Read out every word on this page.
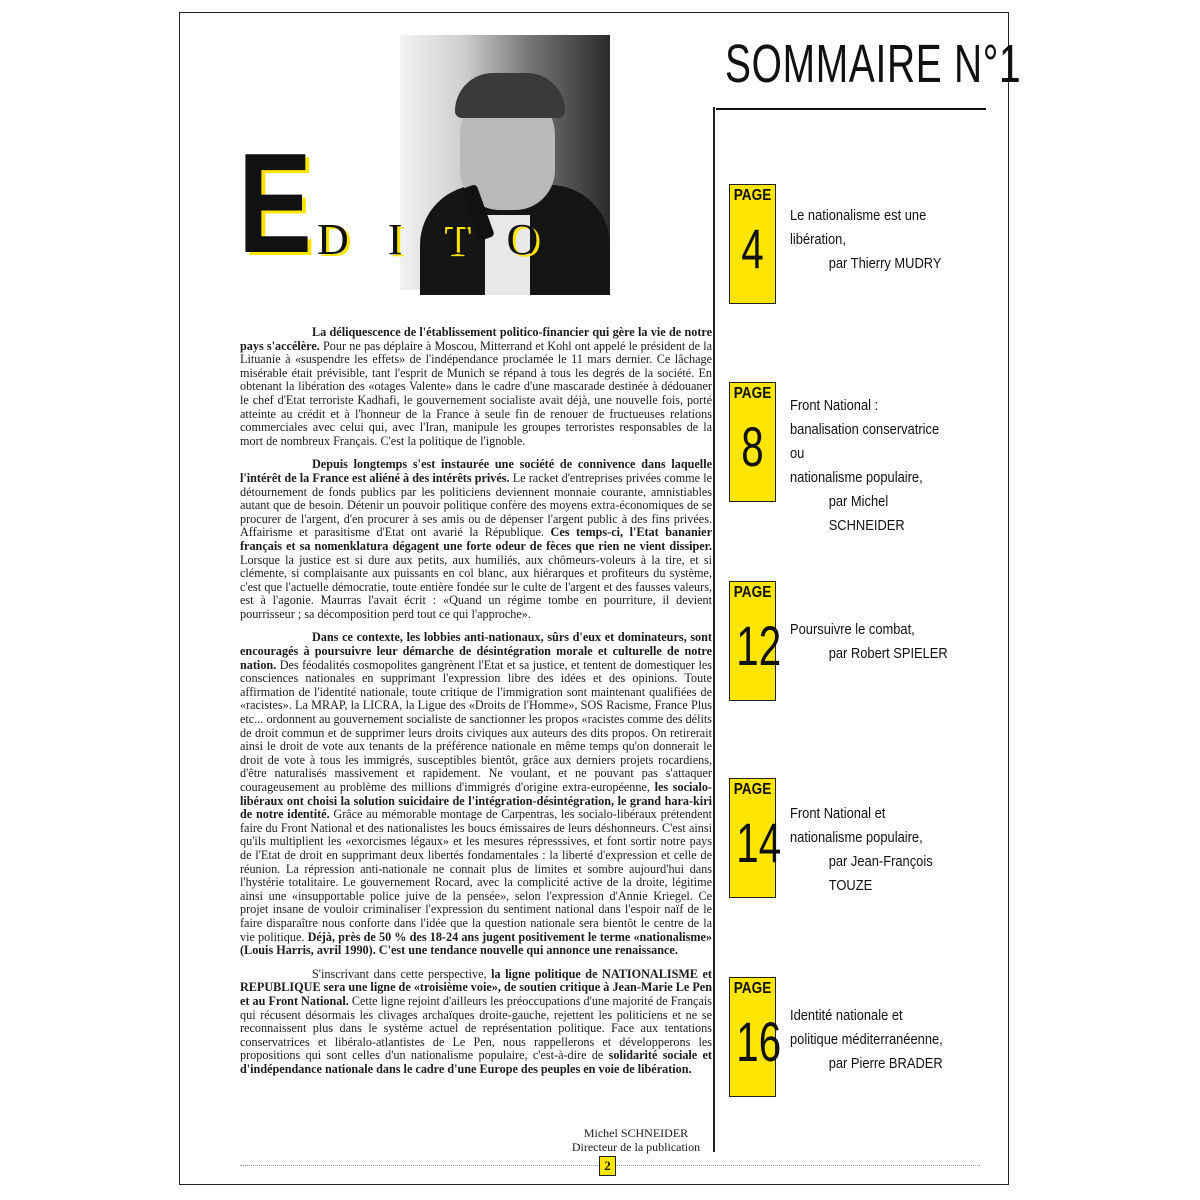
E DITO

La déliquescence de l'établissement politico-financier qui gère la vie de notre pays s'accélère. Pour ne pas déplaire à Moscou, Mitterrand et Kohl ont appelé le président de la Lituanie à «suspendre les effets» de l'indépendance proclamée le 11 mars dernier. Ce lâchage misérable était prévisible, tant l'esprit de Munich se répand à tous les degrés de la société. En obtenant la libération des «otages Valente» dans le cadre d'une mascarade destinée à dédouaner le chef d'Etat terroriste Kadhafi, le gouvernement socialiste avait déjà, une nouvelle fois, porté atteinte au crédit et à l'honneur de la France à seule fin de renouer de fructueuses relations commerciales avec celui qui, avec l'Iran, manipule les groupes terroristes responsables de la mort de nombreux Français. C'est la politique de l'ignoble.

Depuis longtemps s'est instaurée une société de connivence dans laquelle l'intérêt de la France est aliéné à des intérêts privés. Le racket d'entreprises privées comme le détournement de fonds publics par les politiciens deviennent monnaie courante, amnistiables autant que de besoin. Détenir un pouvoir politique confère des moyens extra-économiques de se procurer de l'argent, d'en procurer à ses amis ou de dépenser l'argent public à des fins privées. Affairisme et parasitisme d'Etat ont avarié la République. Ces temps-ci, l'Etat bananier français et sa nomenklatura dégagent une forte odeur de fèces que rien ne vient dissiper. Lorsque la justice est si dure aux petits, aux humiliés, aux chômeurs-voleurs à la tire, et si clémente, si complaisante aux puissants en col blanc, aux hiérarques et profiteurs du système, c'est que l'actuelle démocratie, toute entière fondée sur le culte de l'argent et des fausses valeurs, est à l'agonie. Maurras l'avait écrit : «Quand un régime tombe en pourriture, il devient pourrisseur ; sa décomposition perd tout ce qui l'approche».

Dans ce contexte, les lobbies anti-nationaux, sûrs d'eux et dominateurs, sont encouragés à poursuivre leur démarche de désintégration morale et culturelle de notre nation. Des féodalités cosmopolites gangrènent l'Etat et sa justice, et tentent de domestiquer les consciences nationales en supprimant l'expression libre des idées et des opinions. Toute affirmation de l'identité nationale, toute critique de l'immigration sont maintenant qualifiées de «racistes». La MRAP, la LICRA, la Ligue des «Droits de l'Homme», SOS Racisme, France Plus etc... ordonnent au gouvernement socialiste de sanctionner les propos «racistes comme des délits de droit commun et de supprimer leurs droits civiques aux auteurs des dits propos. On retirerait ainsi le droit de vote aux tenants de la préférence nationale en même temps qu'on donnerait le droit de vote à tous les immigrés, susceptibles bientôt, grâce aux derniers projets rocardiens, d'être naturalisés massivement et rapidement. Ne voulant, et ne pouvant pas s'attaquer courageusement au problème des millions d'immigrés d'origine extra-européenne, les socialo-libéraux ont choisi la solution suicidaire de l'intégration-désintégration, le grand hara-kiri de notre identité. Grâce au mémorable montage de Carpentras, les socialo-libéraux prétendent faire du Front National et des nationalistes les boucs émissaires de leurs déshonneurs. C'est ainsi qu'ils multiplient les «exorcismes légaux» et les mesures répresssives, et font sortir notre pays de l'Etat de droit en supprimant deux libertés fondamentales : la liberté d'expression et celle de réunion. La répression anti-nationale ne connait plus de limites et sombre aujourd'hui dans l'hystérie totalitaire. Le gouvernement Rocard, avec la complicité active de la droite, légitime ainsi une «insupportable police juive de la pensée», selon l'expression d'Annie Kriegel. Ce projet insane de vouloir criminaliser l'expression du sentiment national dans l'espoir naïf de le faire disparaître nous conforte dans l'idée que la question nationale sera bientôt le centre de la vie politique. Déjà, près de 50 % des 18-24 ans jugent positivement le terme «nationalisme» (Louis Harris, avril 1990). C'est une tendance nouvelle qui annonce une renaissance.

S'inscrivant dans cette perspective, la ligne politique de NATIONALISME et REPUBLIQUE sera une ligne de «troisième voie», de soutien critique à Jean-Marie Le Pen et au Front National. Cette ligne rejoint d'ailleurs les préoccupations d'une majorité de Français qui récusent désormais les clivages archaïques droite-gauche, rejettent les politiciens et ne se reconnaissent plus dans le système actuel de représentation politique. Face aux tentations conservatrices et libéralo-atlantistes de Le Pen, nous rappellerons et développerons les propositions qui sont celles d'un nationalisme populaire, c'est-à-dire de solidarité sociale et d'indépendance nationale dans le cadre d'une Europe des peuples en voie de libération.

Michel SCHNEIDER
Directeur de la publication
SOMMAIRE N°1
PAGE
4
Le nationalisme est une
libération,

par Thierry MUDRY
PAGE
8
Front National :
banalisation conservatrice ou
nationalisme populaire,

par Michel SCHNEIDER
PAGE
12 Poursuivre le combat,

par Robert SPIELER
PAGE
14 Front National et
nationalisme populaire,

par Jean-François TOUZE
PAGE
16 Identité nationale et
politique méditerranéenne,

par Pierre BRADER
2
